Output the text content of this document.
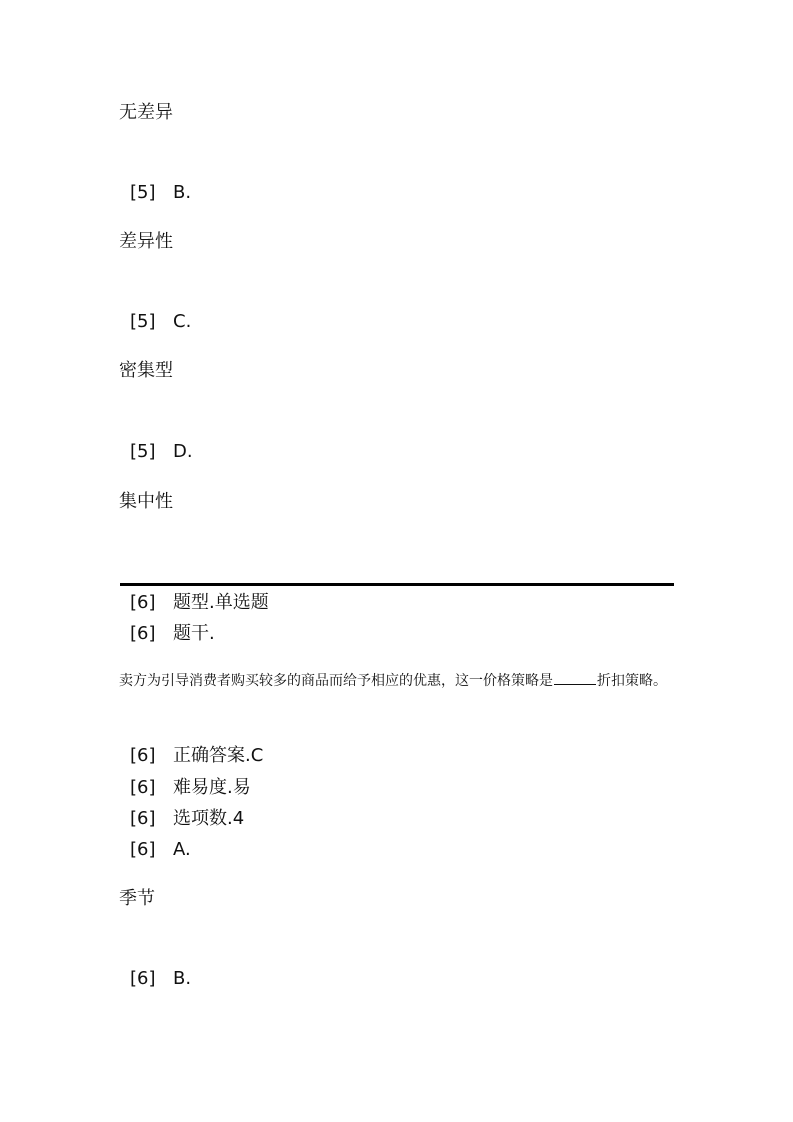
无差异
[5] B.
差异性
[5] C.
密集型
[5] D.
集中性
[6] 题型.单选题
[6] 题干.
卖方为引导消费者购买较多的商品而给予相应的优惠，这一价格策略是	折扣策略。
[6] 正确答案.C
[6] 难易度.易
[6] 选项数.4
[6] A.
季节
[6] B.
